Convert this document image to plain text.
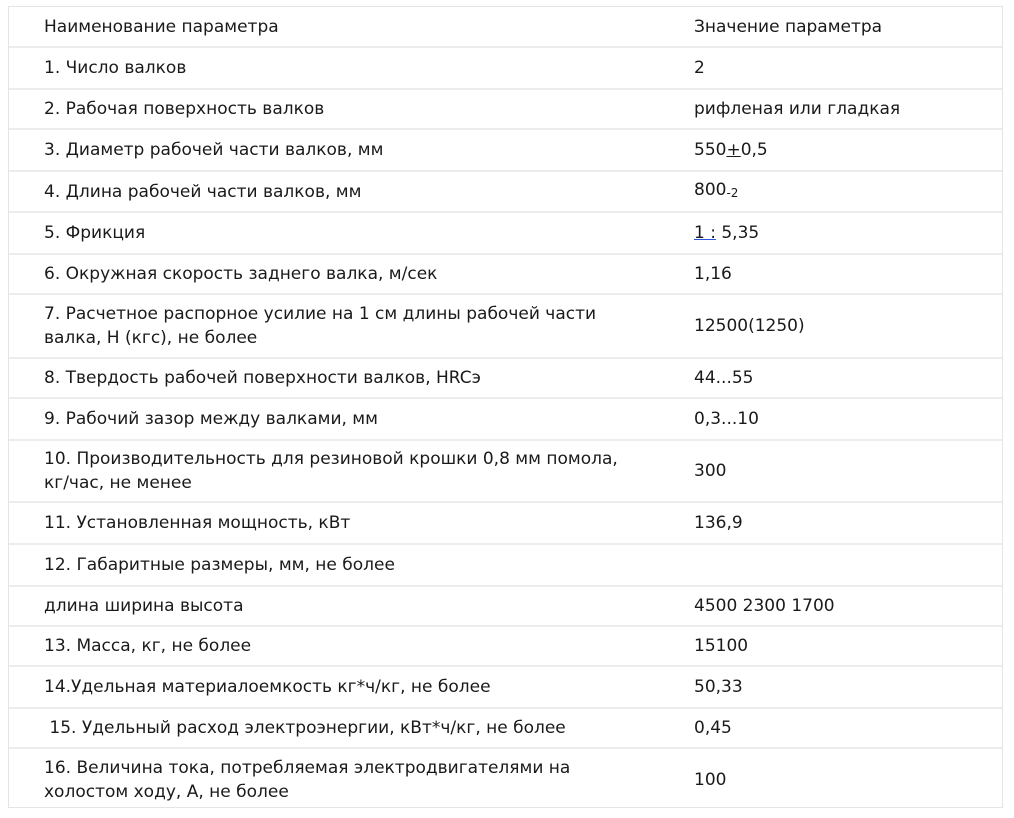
Наименование параметра	Значение параметра
1. Число валков	2
2. Рабочая поверхность валков	рифленая или гладкая
3. Диаметр рабочей части валков, мм	550+0,5
4. Длина рабочей части валков, мм	800-2
5. Фрикция	1 : 5,35
6. Окружная скорость заднего валка, м/сек	1,16
7. Расчетное распорное усилие на 1 см длины рабочей части валка, Н (кгс), не более	12500(1250)
8. Твердость рабочей поверхности валков, HRCэ	44...55
9. Рабочий зазор между валками, мм	0,3...10
10. Производительность для резиновой крошки 0,8 мм помола, кг/час, не менее	300
11. Установленная мощность, кВт	136,9
12. Габаритные размеры, мм, не более	
длина ширина высота	4500 2300 1700
13. Масса, кг, не более	15100
14.Удельная материалоемкость кг*ч/кг, не более	50,33
15. Удельный расход электроэнергии, кВт*ч/кг, не более	0,45
16. Величина тока, потребляемая электродвигателями на холостом ходу, А, не более	100
